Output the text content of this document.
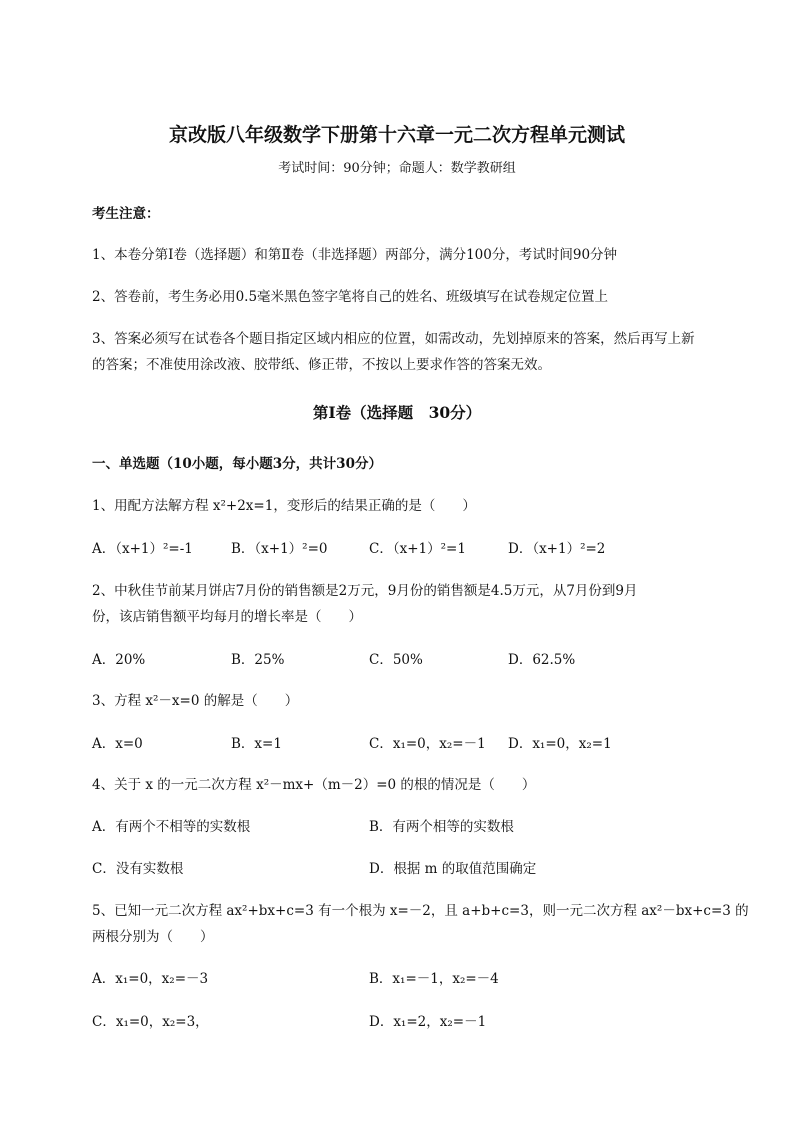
京改版八年级数学下册第十六章一元二次方程单元测试
考试时间：90分钟；命题人：数学教研组
考生注意：
1、本卷分第I卷（选择题）和第Ⅱ卷（非选择题）两部分，满分100分，考试时间90分钟
2、答卷前，考生务必用0.5毫米黑色签字笔将自己的姓名、班级填写在试卷规定位置上
3、答案必须写在试卷各个题目指定区域内相应的位置，如需改动，先划掉原来的答案，然后再写上新
的答案；不准使用涂改液、胶带纸、修正带，不按以上要求作答的答案无效。
第I卷（选择题　30分）
一、单选题（10小题，每小题3分，共计30分）
1、用配方法解方程 x²+2x=1，变形后的结果正确的是（　　）
A．（x+1）²=-1	B．（x+1）²=0	C．（x+1）²=1	D．（x+1）²=2
2、中秋佳节前某月饼店7月份的销售额是2万元，9月份的销售额是4.5万元，从7月份到9月
份，该店销售额平均每月的增长率是（　　）
A．20%	B．25%	C．50%	D．62.5%
3、方程 x²－x=0 的解是（　　）
A．x=0	B．x=1	C．x₁=0，x₂=－1 D．x₁=0，x₂=1
4、关于 x 的一元二次方程 x²－mx+（m－2）=0 的根的情况是（　　）
A．有两个不相等的实数根	B．有两个相等的实数根
C．没有实数根	D．根据 m 的取值范围确定
5、已知一元二次方程 ax²+bx+c=3 有一个根为 x=－2，且 a+b+c=3，则一元二次方程 ax²－bx+c=3 的
两根分别为（　　）
A．x₁=0，x₂=－3	B．x₁=－1，x₂=－4
C．x₁=0，x₂=3，	D．x₁=2，x₂=－1
